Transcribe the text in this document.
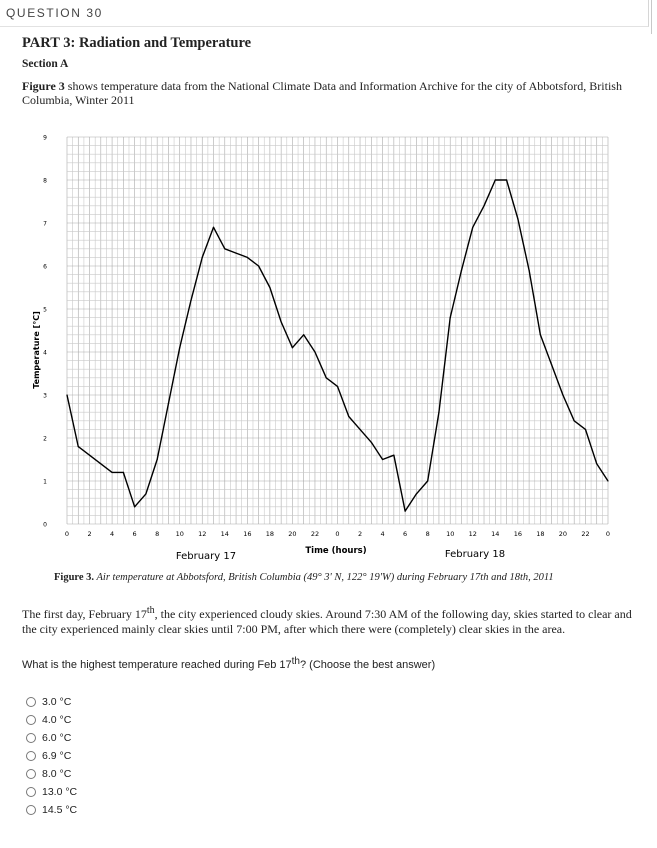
QUESTION 30
PART 3: Radiation and Temperature
Section A
Figure 3 shows temperature data from the National Climate Data and Information Archive for the city of Abbotsford, British Columbia, Winter 2011
0
1
2
3
4
5
6
7
8
9
0	2	4	6	8	10 12 14 16 18 20 22	0	2	4	6	8	10 12 14 16 18 20 22	0
Temperature [°C]
Time (hours)
February 17	February 18
Figure 3. Air temperature at Abbotsford, British Columbia (49° 3' N, 122° 19'W) during February 17th and 18th, 2011
The first day, February 17th, the city experienced cloudy skies. Around 7:30 AM of the following day, skies started to clear and the city experienced mainly clear skies until 7:00 PM, after which there were (completely) clear skies in the area.
What is the highest temperature reached during Feb 17th? (Choose the best answer)
3.0 °C
4.0 °C
6.0 °C
6.9 °C
8.0 °C
13.0 °C
14.5 °C
